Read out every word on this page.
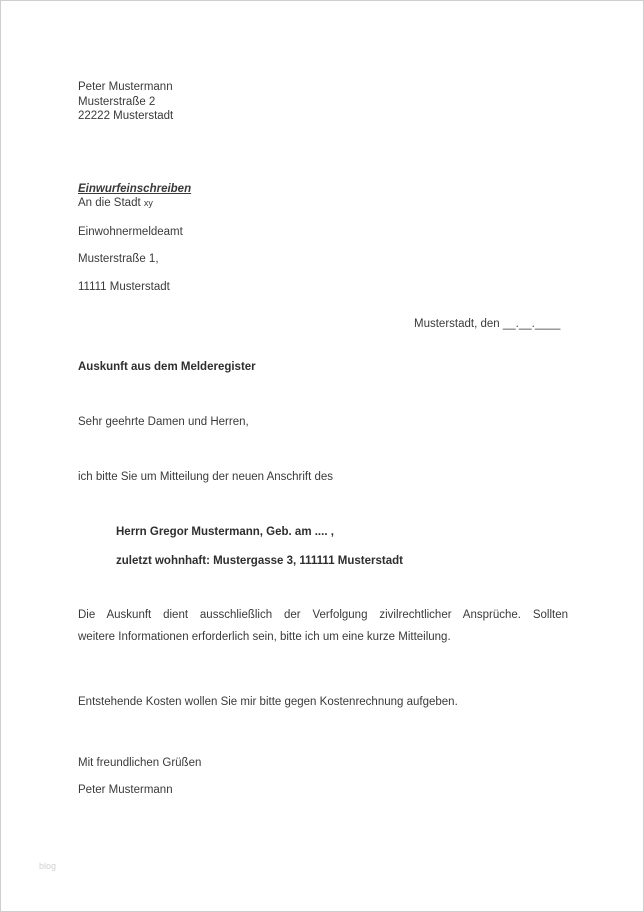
Peter Mustermann
Musterstraße 2
22222 Musterstadt
Einwurfeinschreiben
An die Stadt xy
Einwohnermeldeamt
Musterstraße 1,
11111 Musterstadt
Musterstadt, den __.__.____
Auskunft aus dem Melderegister
Sehr geehrte Damen und Herren,
ich bitte Sie um Mitteilung der neuen Anschrift des
Herrn Gregor Mustermann, Geb. am .... ,
zuletzt wohnhaft: Mustergasse 3, 111111 Musterstadt
Die Auskunft dient ausschließlich der Verfolgung zivilrechtlicher Ansprüche. Sollten
weitere Informationen erforderlich sein, bitte ich um eine kurze Mitteilung.
Entstehende Kosten wollen Sie mir bitte gegen Kostenrechnung aufgeben.
Mit freundlichen Grüßen
Peter Mustermann
blog
